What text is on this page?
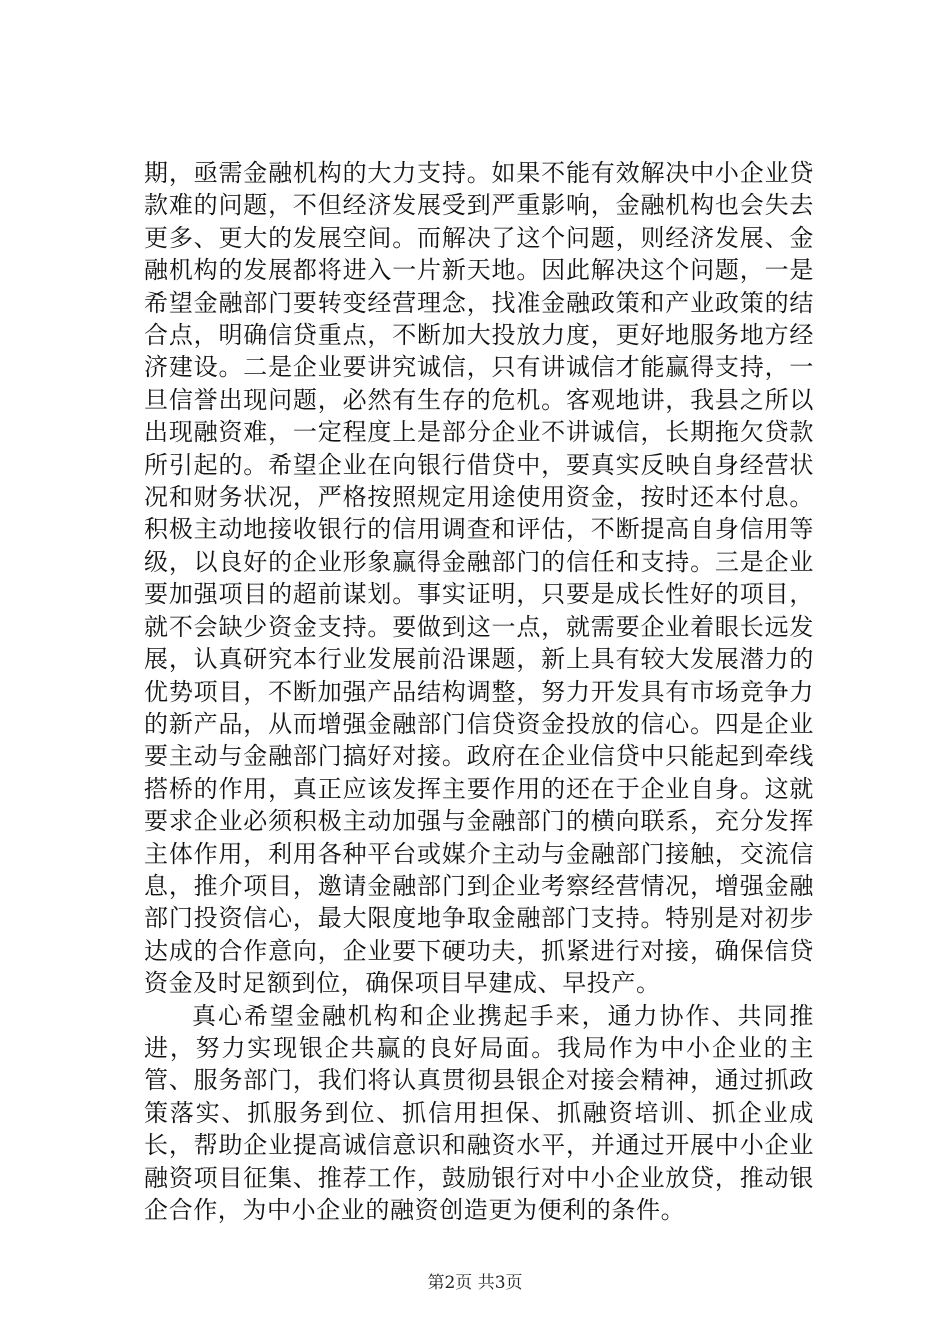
期，亟需金融机构的大力支持。如果不能有效解决中小企业贷款难的问题，不但经济发展受到严重影响，金融机构也会失去更多、更大的发展空间。而解决了这个问题，则经济发展、金融机构的发展都将进入一片新天地。因此解决这个问题，一是希望金融部门要转变经营理念，找准金融政策和产业政策的结合点，明确信贷重点，不断加大投放力度，更好地服务地方经济建设。二是企业要讲究诚信，只有讲诚信才能赢得支持，一旦信誉出现问题，必然有生存的危机。客观地讲，我县之所以出现融资难，一定程度上是部分企业不讲诚信，长期拖欠贷款所引起的。希望企业在向银行借贷中，要真实反映自身经营状况和财务状况，严格按照规定用途使用资金，按时还本付息。积极主动地接收银行的信用调查和评估，不断提高自身信用等级，以良好的企业形象赢得金融部门的信任和支持。三是企业要加强项目的超前谋划。事实证明，只要是成长性好的项目，就不会缺少资金支持。要做到这一点，就需要企业着眼长远发展，认真研究本行业发展前沿课题，新上具有较大发展潜力的优势项目，不断加强产品结构调整，努力开发具有市场竞争力的新产品，从而增强金融部门信贷资金投放的信心。四是企业要主动与金融部门搞好对接。政府在企业信贷中只能起到牵线搭桥的作用，真正应该发挥主要作用的还在于企业自身。这就要求企业必须积极主动加强与金融部门的横向联系，充分发挥主体作用，利用各种平台或媒介主动与金融部门接触，交流信息，推介项目，邀请金融部门到企业考察经营情况，增强金融部门投资信心，最大限度地争取金融部门支持。特别是对初步达成的合作意向，企业要下硬功夫，抓紧进行对接，确保信贷资金及时足额到位，确保项目早建成、早投产。

真心希望金融机构和企业携起手来，通力协作、共同推进，努力实现银企共赢的良好局面。我局作为中小企业的主管、服务部门，我们将认真贯彻县银企对接会精神，通过抓政策落实、抓服务到位、抓信用担保、抓融资培训、抓企业成长，帮助企业提高诚信意识和融资水平，并通过开展中小企业融资项目征集、推荐工作，鼓励银行对中小企业放贷，推动银企合作，为中小企业的融资创造更为便利的条件。

第2页 共3页
